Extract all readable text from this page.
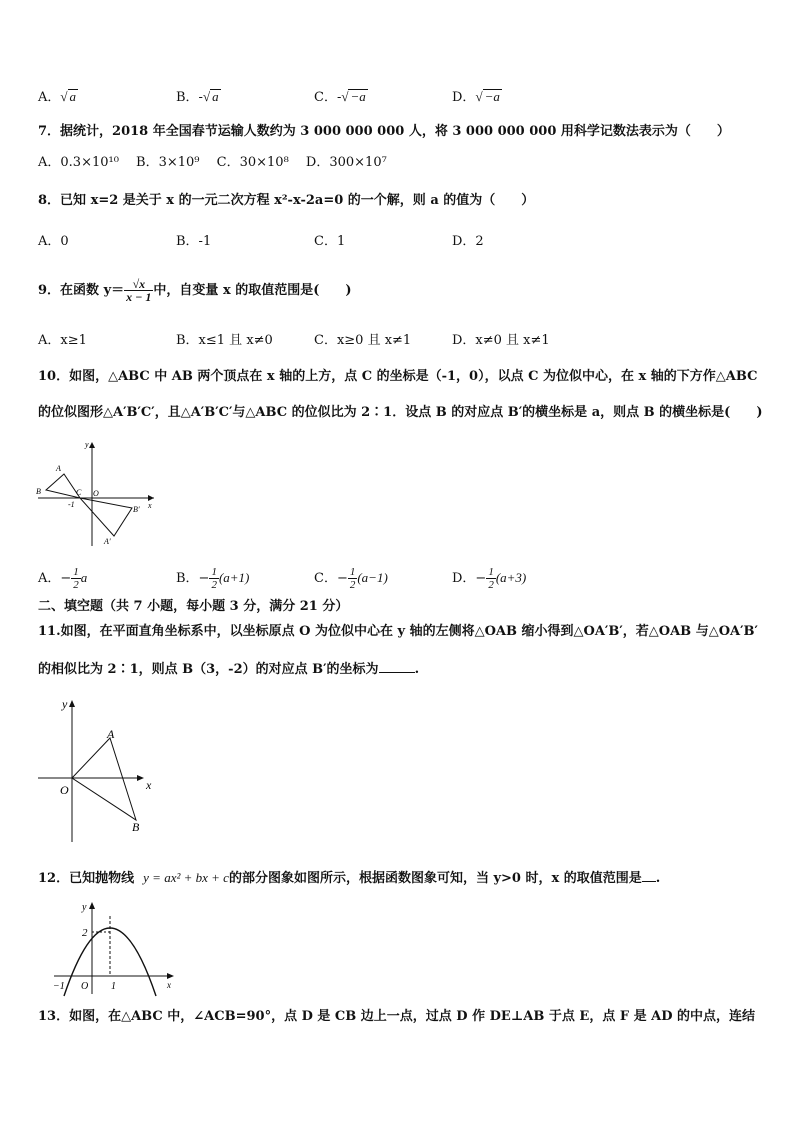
A．√ a	B．-√ a	C．-√ −a	D．√ −a
7．据统计，2018 年全国春节运输人数约为 3 000 000 000 人，将 3 000 000 000 用科学记数法表示为（　　）
A．0.3×10¹⁰　 B．3×10⁹　 C．30×10⁸　 D．300×10⁷
8．已知 x=2 是关于 x 的一元二次方程 x²-x-2a=0 的一个解，则 a 的值为（　　）
A．0	B．-1	C．1	D．2
9．在函数 $y= \frac{√x}{x - 1}$ 中，自变量 x 的取值范围是(　　)
A．x≥1	B．x≤1 且 x≠0	C．x≥0 且 x≠1	D．x≠0 且 x≠1
10．如图，△ABC 中 AB 两个顶点在 x 轴的上方，点 C 的坐标是（-1，0），以点 C 为位似中心，在 x 轴的下方作△ABC
的位似图形△A′B′C′，且△A′B′C′与△ABC 的位似比为 2∶1．设点 B 的对应点 B′的横坐标是 a，则点 B 的横坐标是(　　)
y
x
A
B	C O
-1
B′
A′
A．− $\frac{1}{2}$ a	B．− $\frac{1}{2} (a+1)$	C．− $\frac{1}{2} (a-1)$	D．− $\frac{1}{2} (a+3)$
二、填空题（共 7 小题，每小题 3 分，满分 21 分）
11.如图，在平面直角坐标系中，以坐标原点 O 为位似中心在 y 轴的左侧将△OAB 缩小得到△OA′B′，若△OAB 与△OA′B′
的相似比为 2∶1，则点 B（3，-2）的对应点 B′的坐标为	.
y
x
A
O
B
12．已知抛物线 y = ax² + bx + c的部分图象如图所示，根据函数图象可知，当 y>0 时，x 的取值范围是 .
y
x
2
−1 O 1
13．如图，在△ABC 中，∠ACB=90°，点 D 是 CB 边上一点，过点 D 作 DE⊥AB 于点 E，点 F 是 AD 的中点，连结
